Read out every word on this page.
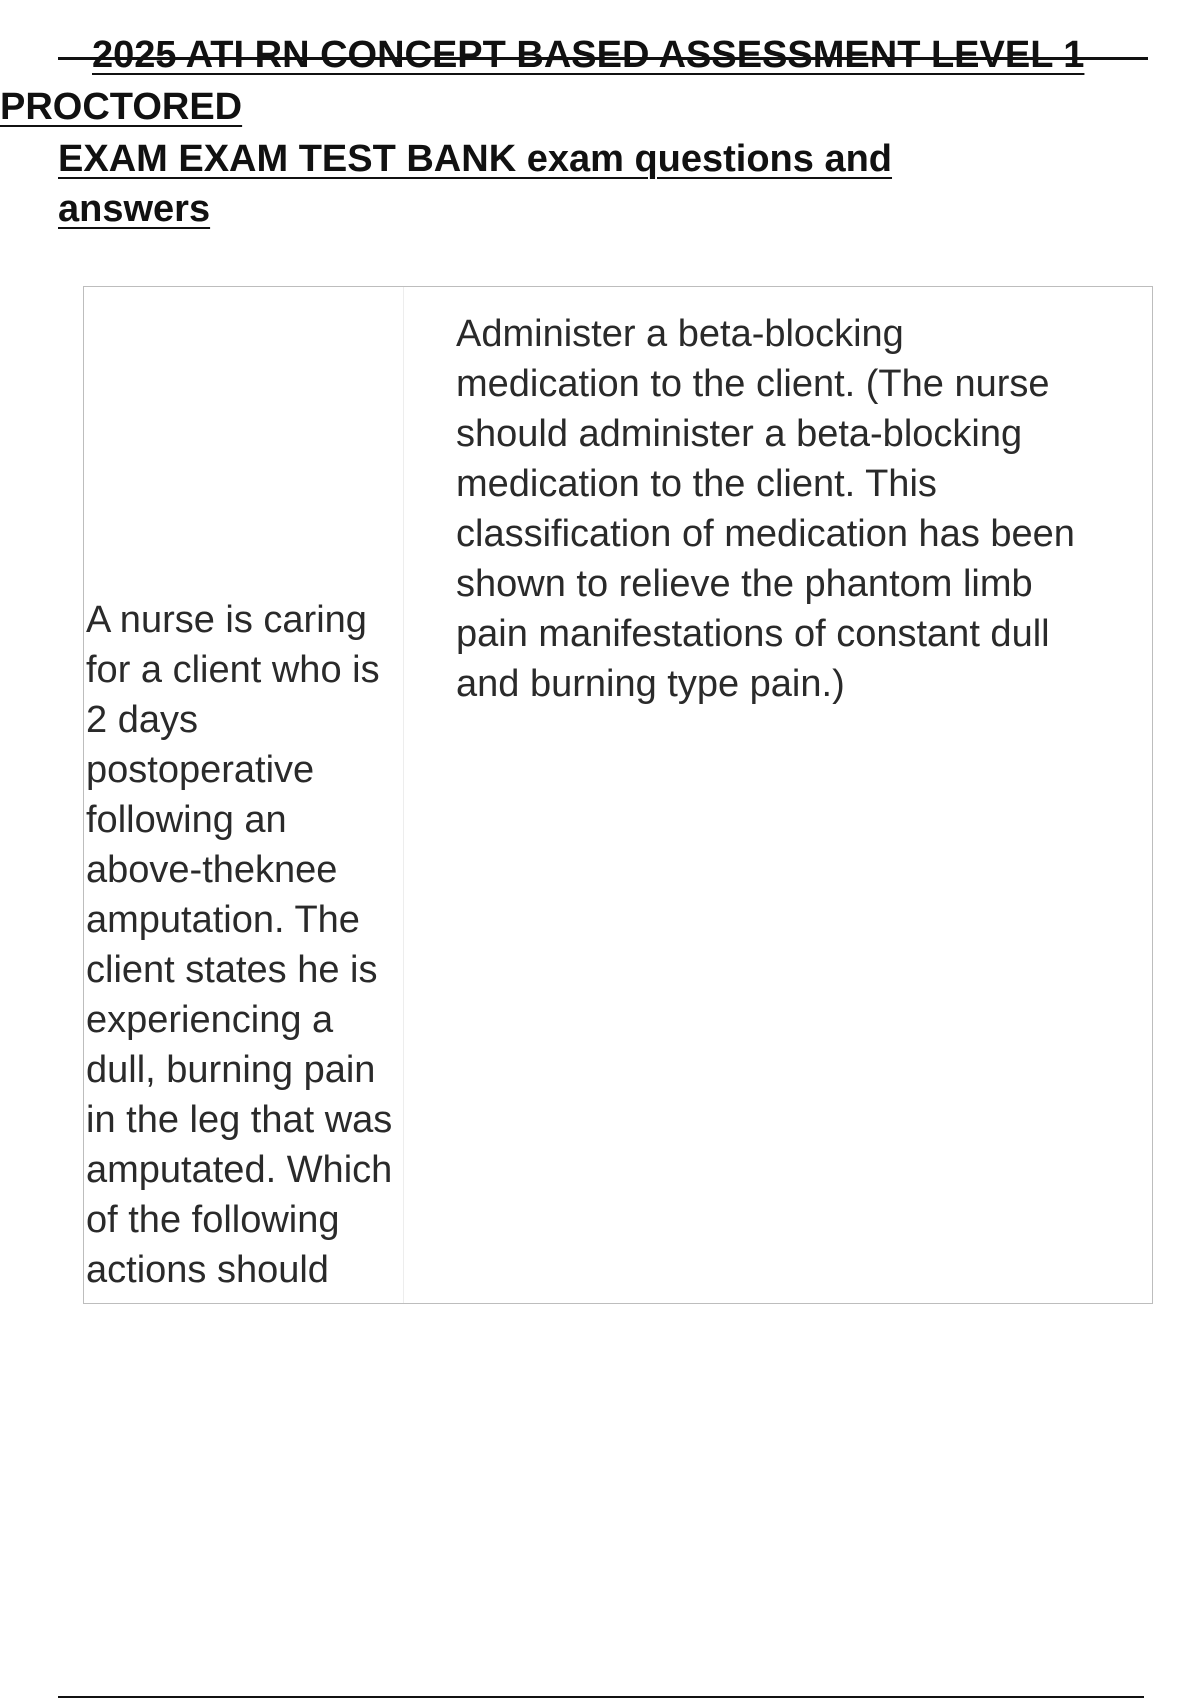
2025 ATI RN CONCEPT BASED ASSESSMENT LEVEL 1
PROCTORED
EXAM EXAM TEST BANK exam questions and answers
A nurse is caring for a client who is 2 days postoperative following an above-theknee amputation. The client states he is experiencing a dull, burning pain in the leg that was amputated. Which of the following actions should
Administer a beta-blocking medication to the client. (The nurse should administer a beta-blocking medication to the client. This classification of medication has been shown to relieve the phantom limb pain manifestations of constant dull and burning type pain.)
